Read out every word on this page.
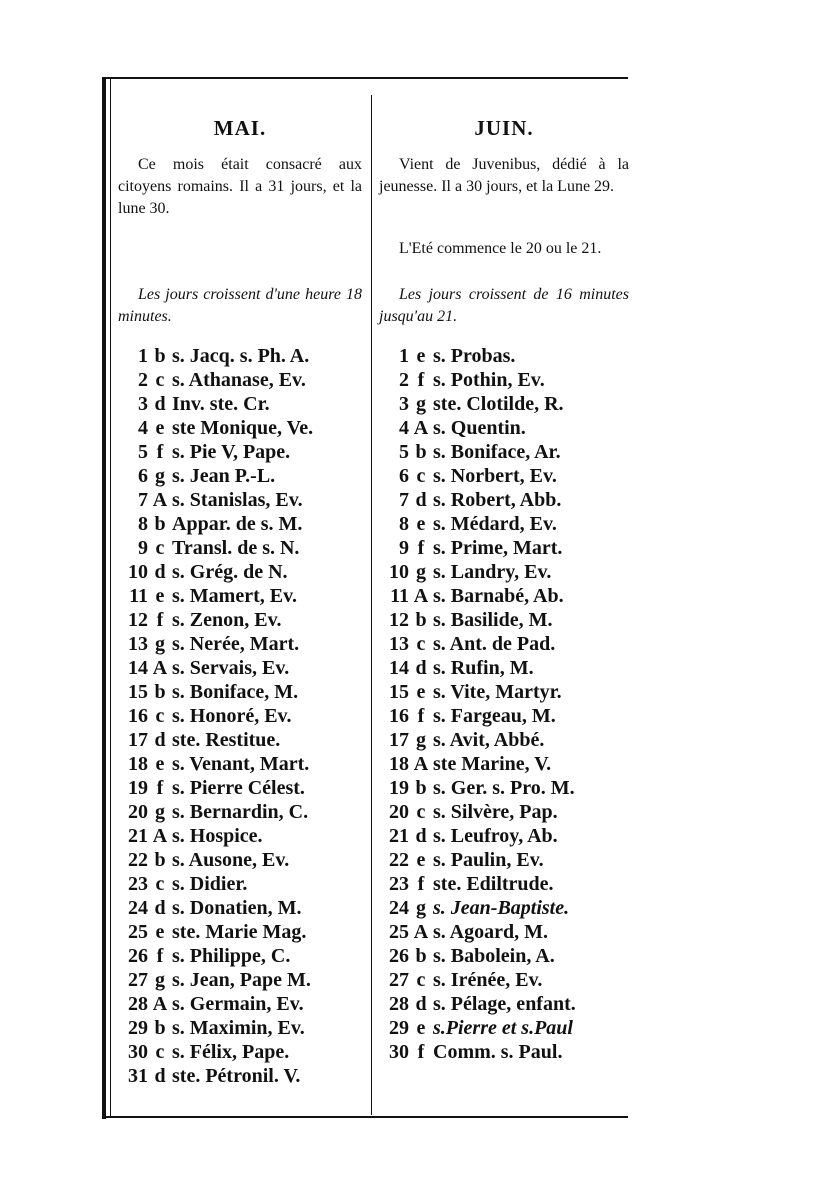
MAI.

Ce mois était consacré aux citoyens romains. Il a 31 jours, et la lune 30.

Les jours croissent d'une heure 18 minutes.

1 b s. Jacq. s. Ph. A.
2 c s. Athanase, Ev.
3 d Inv. ste. Cr.
4 e ste Monique, Ve.
5 f s. Pie V, Pape.
6 g s. Jean P.-L.
7 A s. Stanislas, Ev.
8 b Appar. de s. M.
9 c Transl. de s. N.
10 d s. Grég. de N.
11 e s. Mamert, Ev.
12 f s. Zenon, Ev.
13 g s. Nerée, Mart.
14 A s. Servais, Ev.
15 b s. Boniface, M.
16 c s. Honoré, Ev.
17 d ste. Restitue.
18 e s. Venant, Mart.
19 f s. Pierre Célest.
20 g s. Bernardin, C.
21 A s. Hospice.
22 b s. Ausone, Ev.
23 c s. Didier.
24 d s. Donatien, M.
25 e ste. Marie Mag.
26 f s. Philippe, C.
27 g s. Jean, Pape M.
28 A s. Germain, Ev.
29 b s. Maximin, Ev.
30 c s. Félix, Pape.
31 d ste. Pétronil. V.
JUIN.

Vient de Juvenibus, dédié à la jeunesse. Il a 30 jours, et la Lune 29.

L'Eté commence le 20 ou le 21.

Les jours croissent de 16 minutes jusqu'au 21.

1 e s. Probas.
2 f s. Pothin, Ev.
3 g ste. Clotilde, R.
4 A s. Quentin.
5 b s. Boniface, Ar.
6 c s. Norbert, Ev.
7 d s. Robert, Abb.
8 e s. Médard, Ev.
9 f s. Prime, Mart.
10 g s. Landry, Ev.
11 A s. Barnabé, Ab.
12 b s. Basilide, M.
13 c s. Ant. de Pad.
14 d s. Rufin, M.
15 e s. Vite, Martyr.
16 f s. Fargeau, M.
17 g s. Avit, Abbé.
18 A ste Marine, V.
19 b s. Ger. s. Pro. M.
20 c s. Silvère, Pap.
21 d s. Leufroy, Ab.
22 e s. Paulin, Ev.
23 f ste. Ediltrude.
24 g s. Jean-Baptiste.
25 A s. Agoard, M.
26 b s. Babolein, A.
27 c s. Irénée, Ev.
28 d s. Pélage, enfant.
29 e s.Pierre et s.Paul
30 f Comm. s. Paul.
